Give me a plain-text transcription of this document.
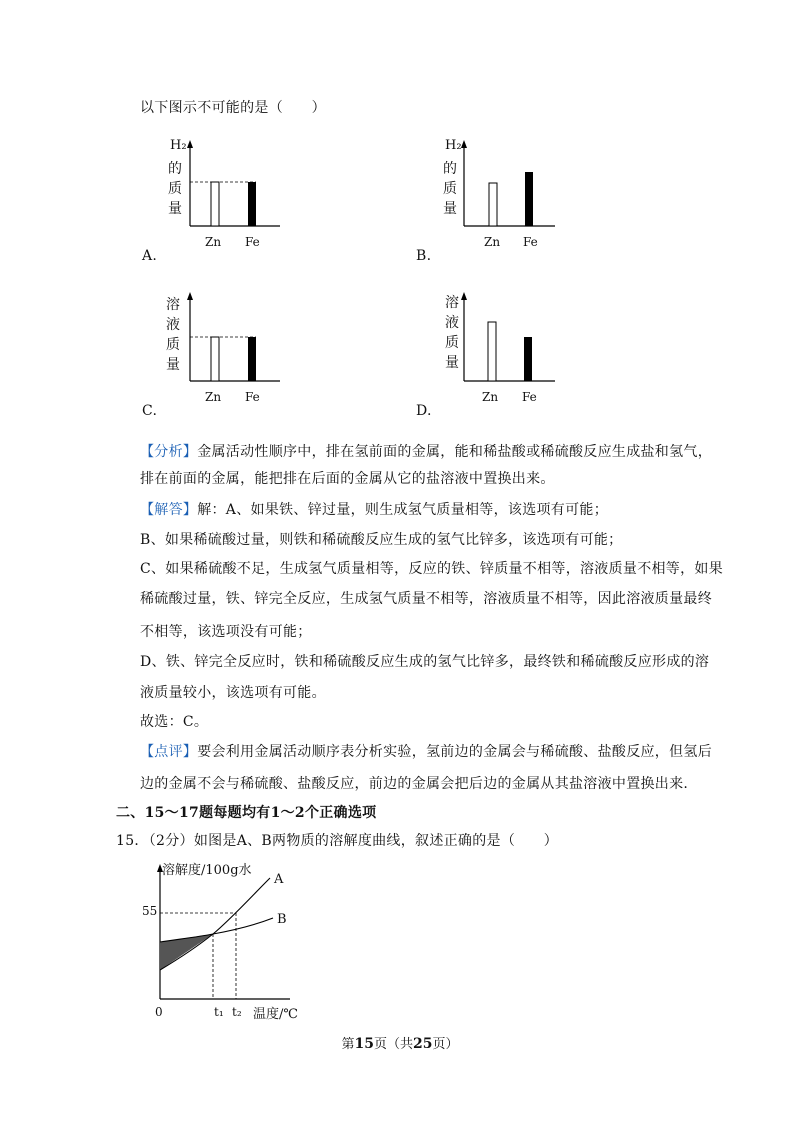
以下图示不可能的是（　　）
H₂
的
质
量
Zn Fe
A.
H₂
的
质
量
Zn Fe
B.
溶
液
质
量
Zn Fe
C.
溶
液
质
量
Zn Fe
D.
【分析】金属活动性顺序中，排在氢前面的金属，能和稀盐酸或稀硫酸反应生成盐和氢气，
排在前面的金属，能把排在后面的金属从它的盐溶液中置换出来。
【解答】解：A、如果铁、锌过量，则生成氢气质量相等，该选项有可能；
B、如果稀硫酸过量，则铁和稀硫酸反应生成的氢气比锌多，该选项有可能；
C、如果稀硫酸不足，生成氢气质量相等，反应的铁、锌质量不相等，溶液质量不相等，如果
稀硫酸过量，铁、锌完全反应，生成氢气质量不相等，溶液质量不相等，因此溶液质量最终
不相等，该选项没有可能；
D、铁、锌完全反应时，铁和稀硫酸反应生成的氢气比锌多，最终铁和稀硫酸反应形成的溶
液质量较小，该选项有可能。
故选：C。
【点评】要会利用金属活动顺序表分析实验，氢前边的金属会与稀硫酸、盐酸反应，但氢后
边的金属不会与稀硫酸、盐酸反应，前边的金属会把后边的金属从其盐溶液中置换出来.
二、15～17题每题均有1～2个正确选项
15．（2分）如图是A、B两物质的溶解度曲线，叙述正确的是（　　）
溶解度/100g水
温度/℃
0
55
t₁ t₂
A
B
第15页（共25页）
